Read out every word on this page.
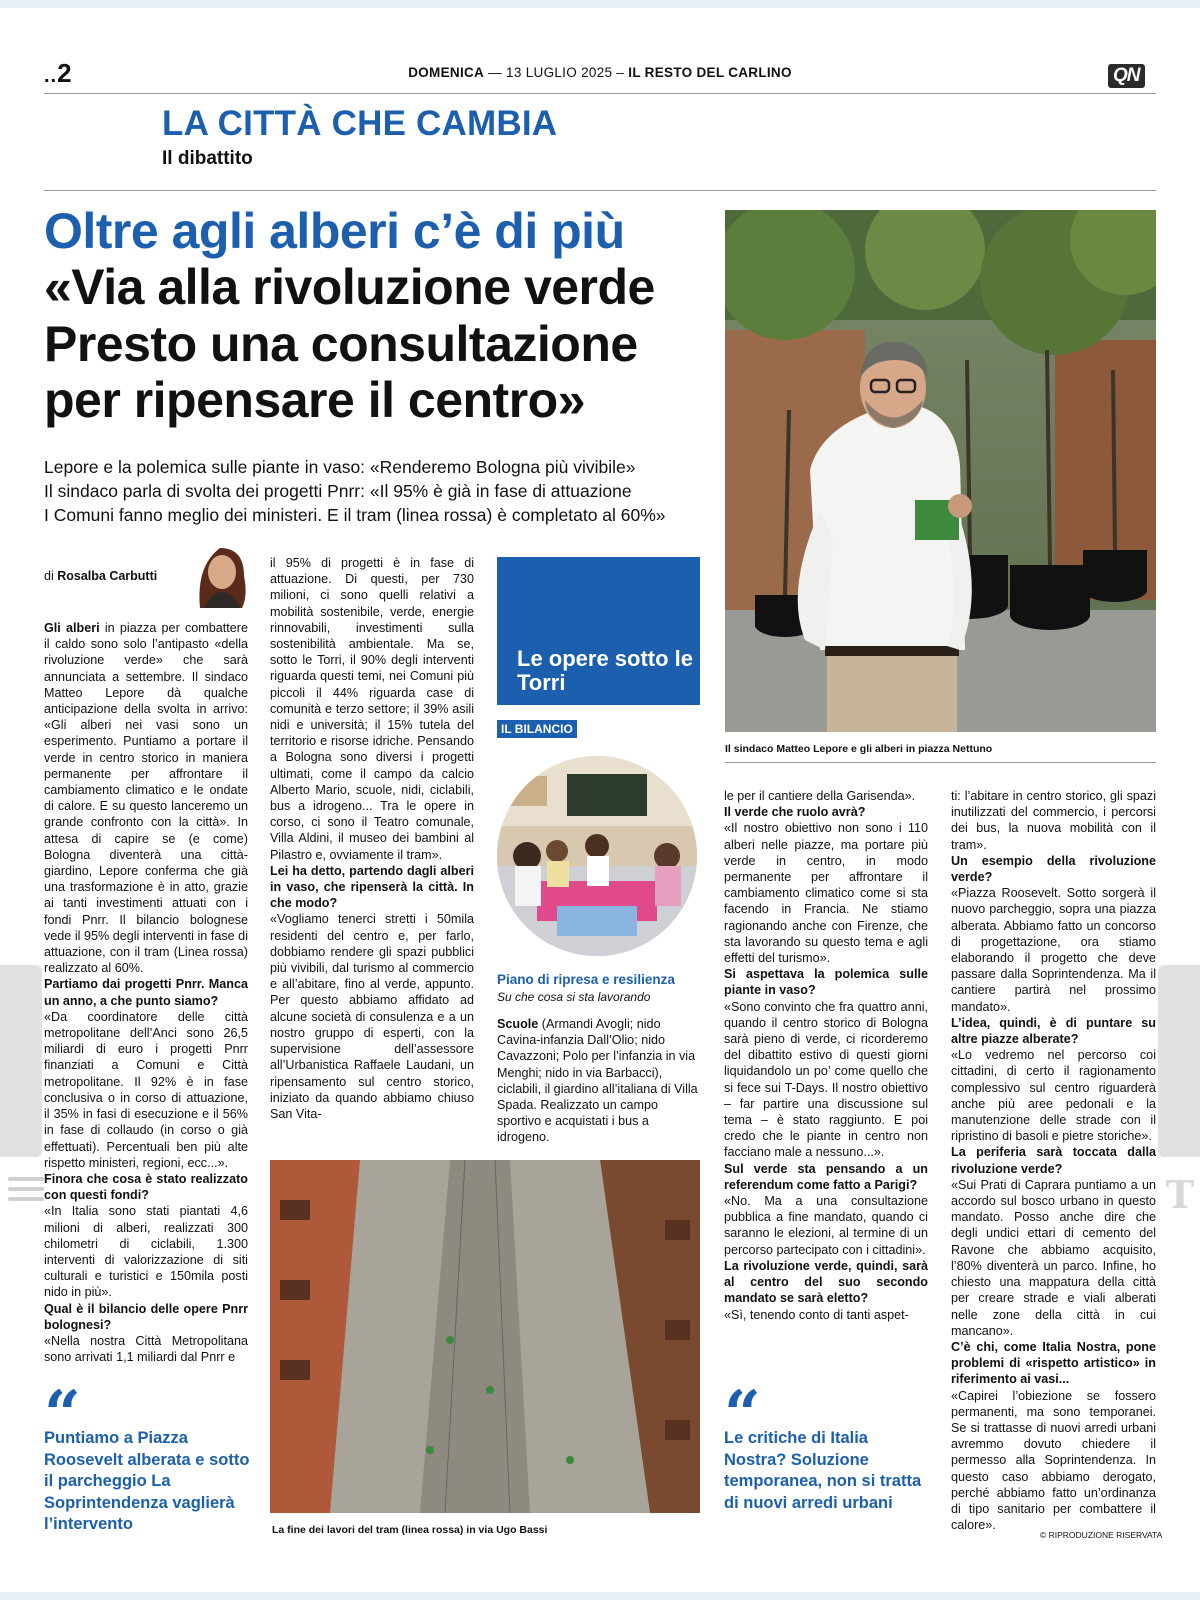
..2	DOMENICA — 13 LUGLIO 2025 – IL RESTO DEL CARLINO	QN
LA CITTÀ CHE CAMBIA
Il dibattito
Oltre agli alberi c’è di più
«Via alla rivoluzione verde Presto una consultazione per ripensare il centro»
Lepore e la polemica sulle piante in vaso: «Renderemo Bologna più vivibile»
Il sindaco parla di svolta dei progetti Pnrr: «Il 95% è già in fase di attuazione
I Comuni fanno meglio dei ministeri. E il tram (linea rossa) è completato al 60%»
Il sindaco Matteo Lepore e gli alberi in piazza Nettuno
di Rosalba Carbutti
Gli alberi in piazza per combattere il caldo sono solo l’antipasto «della rivoluzione verde» che sarà annunciata a settembre. Il sindaco Matteo Lepore dà qualche anticipazione della svolta in arrivo: «Gli alberi nei vasi sono un esperimento. Puntiamo a portare il verde in centro storico in maniera permanente per affrontare il cambiamento climatico e le ondate di calore. E su questo lanceremo un grande confronto con la città». In attesa di capire se (e come) Bologna diventerà una città-giardino, Lepore conferma che già una trasformazione è in atto, grazie ai tanti investimenti attuati con i fondi Pnrr. Il bilancio bolognese vede il 95% degli interventi in fase di attuazione, con il tram (Linea rossa) realizzato al 60%.
Partiamo dai progetti Pnrr. Manca un anno, a che punto siamo?
«Da coordinatore delle città metropolitane dell’Anci sono 26,5 miliardi di euro i progetti Pnrr finanziati a Comuni e Città metropolitane. Il 92% è in fase conclusiva o in corso di attuazione, il 35% in fasi di esecuzione e il 56% in fase di collaudo (in corso o già effettuati). Percentuali ben più alte rispetto ministeri, regioni, ecc...».
Finora che cosa è stato realizzato con questi fondi?
«In Italia sono stati piantati 4,6 milioni di alberi, realizzati 300 chilometri di ciclabili, 1.300 interventi di valorizzazione di siti culturali e turistici e 150mila posti nido in più».
Qual è il bilancio delle opere Pnrr bolognesi?
«Nella nostra Città Metropolitana sono arrivati 1,1 miliardi dal Pnrr e
il 95% di progetti è in fase di attuazione. Di questi, per 730 milioni, ci sono quelli relativi a mobilità sostenibile, verde, energie rinnovabili, investimenti sulla sostenibilità ambientale. Ma se, sotto le Torri, il 90% degli interventi riguarda questi temi, nei Comuni più piccoli il 44% riguarda case di comunità e terzo settore; il 39% asili nidi e università; il 15% tutela del territorio e risorse idriche. Pensando a Bologna sono diversi i progetti ultimati, come il campo da calcio Alberto Mario, scuole, nidi, ciclabili, bus a idrogeno... Tra le opere in corso, ci sono il Teatro comunale, Villa Aldini, il museo dei bambini al Pilastro e, ovviamente il tram».
Lei ha detto, partendo dagli alberi in vaso, che ripenserà la città. In che modo?
«Vogliamo tenerci stretti i 50mila residenti del centro e, per farlo, dobbiamo rendere gli spazi pubblici più vivibili, dal turismo al commercio e all’abitare, fino al verde, appunto. Per questo abbiamo affidato ad alcune società di consulenza e a un nostro gruppo di esperti, con la supervisione dell’assessore all’Urbanistica Raffaele Laudani, un ripensamento sul centro storico, iniziato da quando abbiamo chiuso San Vita-
Le opere sotto le Torri
IL BILANCIO
Piano di ripresa e resilienza
Su che cosa si sta lavorando
Scuole (Armandi Avogli; nido Cavina-infanzia Dall’Olio; nido Cavazzoni; Polo per l’infanzia in via Menghi; nido in via Barbacci), ciclabili, il giardino all’italiana di Villa Spada. Realizzato un campo sportivo e acquistati i bus a idrogeno.
La fine dei lavori del tram (linea rossa) in via Ugo Bassi
le per il cantiere della Garisenda».
Il verde che ruolo avrà?
«Il nostro obiettivo non sono i 110 alberi nelle piazze, ma portare più verde in centro, in modo permanente per affrontare il cambiamento climatico come si sta facendo in Francia. Ne stiamo ragionando anche con Firenze, che sta lavorando su questo tema e agli effetti del turismo».
Si aspettava la polemica sulle piante in vaso?
«Sono convinto che fra quattro anni, quando il centro storico di Bologna sarà pieno di verde, ci ricorderemo del dibattito estivo di questi giorni liquidandolo un po’ come quello che si fece sui T-Days. Il nostro obiettivo – far partire una discussione sul tema – è stato raggiunto. E poi credo che le piante in centro non facciano male a nessuno...».
Sul verde sta pensando a un referendum come fatto a Parigi?
«No. Ma a una consultazione pubblica a fine mandato, quando ci saranno le elezioni, al termine di un percorso partecipato con i cittadini».
La rivoluzione verde, quindi, sarà al centro del suo secondo mandato se sarà eletto?
«Sì, tenendo conto di tanti aspet-
ti: l’abitare in centro storico, gli spazi inutilizzati del commercio, i percorsi dei bus, la nuova mobilità con il tram».
Un esempio della rivoluzione verde?
«Piazza Roosevelt. Sotto sorgerà il nuovo parcheggio, sopra una piazza alberata. Abbiamo fatto un concorso di progettazione, ora stiamo elaborando il progetto che deve passare dalla Soprintendenza. Ma il cantiere partirà nel prossimo mandato».
L’idea, quindi, è di puntare su altre piazze alberate?
«Lo vedremo nel percorso coi cittadini, di certo il ragionamento complessivo sul centro riguarderà anche più aree pedonali e la manutenzione delle strade con il ripristino di basoli e pietre storiche».
La periferia sarà toccata dalla rivoluzione verde?
«Sui Prati di Caprara puntiamo a un accordo sul bosco urbano in questo mandato. Posso anche dire che degli undici ettari di cemento del Ravone che abbiamo acquisito, l’80% diventerà un parco. Infine, ho chiesto una mappatura della città per creare strade e viali alberati nelle zone della città in cui mancano».
C’è chi, come Italia Nostra, pone problemi di «rispetto artistico» in riferimento ai vasi...
«Capirei l’obiezione se fossero permanenti, ma sono temporanei. Se si trattasse di nuovi arredi urbani avremmo dovuto chiedere il permesso alla Soprintendenza. In questo caso abbiamo derogato, perché abbiamo fatto un’ordinanza di tipo sanitario per combattere il calore».
“
Puntiamo a Piazza Roosevelt alberata e sotto il parcheggio La Soprintendenza vaglierà l’intervento
“
Le critiche di Italia Nostra? Soluzione temporanea, non si tratta di nuovi arredi urbani
© RIPRODUZIONE RISERVATA
T
